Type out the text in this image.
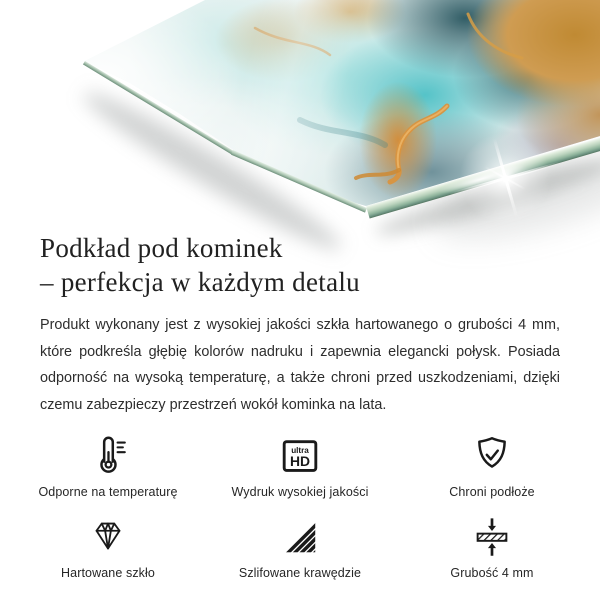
Podkład pod kominek
– perfekcja w każdym detalu

Produkt wykonany jest z wysokiej jakości szkła hartowanego o grubości 4 mm, które podkreśla głębię kolorów nadruku i zapewnia elegancki połysk. Posiada odporność na wysoką temperaturę, a także chroni przed uszkodzeniami, dzięki czemu zabezpieczy przestrzeń wokół kominka na lata.

Odporne na temperaturę
ultra
HD
Wydruk wysokiej jakości	Chroni podłoże
Hartowane szkło	Szlifowane krawędzie	Grubość 4 mm
